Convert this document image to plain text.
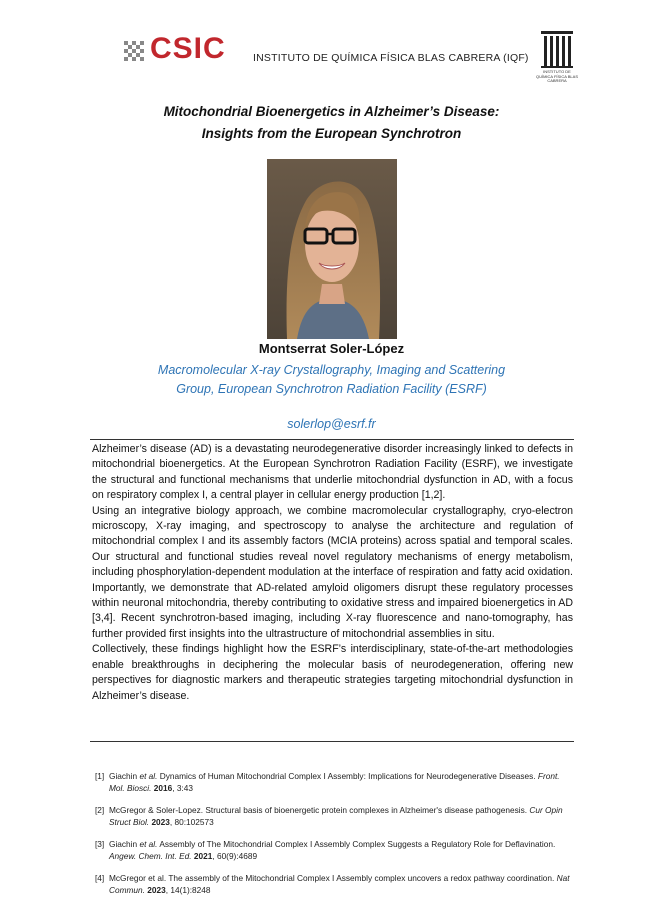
CSIC	INSTITUTO DE QUÍMICA FÍSICA BLAS CABRERA (IQF)
INSTITUTO DE QUÍMICA FÍSICA BLAS CABRERA
Mitochondrial Bioenergetics in Alzheimer’s Disease:
Insights from the European Synchrotron
Montserrat Soler-López
Macromolecular X-ray Crystallography, Imaging and Scattering
Group, European Synchrotron Radiation Facility (ESRF)
solerlop@esrf.fr

Alzheimer’s disease (AD) is a devastating neurodegenerative disorder increasingly linked to defects in mitochondrial bioenergetics. At the European Synchrotron Radiation Facility (ESRF), we investigate the structural and functional mechanisms that underlie mitochondrial dysfunction in AD, with a focus on respiratory complex I, a central player in cellular energy production [1,2].

Using an integrative biology approach, we combine macromolecular crystallography, cryo-electron microscopy, X-ray imaging, and spectroscopy to analyse the architecture and regulation of mitochondrial complex I and its assembly factors (MCIA proteins) across spatial and temporal scales. Our structural and functional studies reveal novel regulatory mechanisms of energy metabolism, including phosphorylation-dependent modulation at the interface of respiration and fatty acid oxidation. Importantly, we demonstrate that AD-related amyloid oligomers disrupt these regulatory processes within neuronal mitochondria, thereby contributing to oxidative stress and impaired bioenergetics in AD [3,4]. Recent synchrotron-based imaging, including X-ray fluorescence and nano-tomography, has further provided first insights into the ultrastructure of mitochondrial assemblies in situ.

Collectively, these findings highlight how the ESRF’s interdisciplinary, state-of-the-art methodologies enable breakthroughs in deciphering the molecular basis of neurodegeneration, offering new perspectives for diagnostic markers and therapeutic strategies targeting mitochondrial dysfunction in Alzheimer’s disease.

[1] Giachin et al. Dynamics of Human Mitochondrial Complex I Assembly: Implications for Neurodegenerative Diseases. Front. Mol. Biosci. 2016, 3:43
[2] McGregor & Soler-Lopez. Structural basis of bioenergetic protein complexes in Alzheimer's disease pathogenesis. Cur Opin Struct Biol. 2023, 80:102573
[3] Giachin et al. Assembly of The Mitochondrial Complex I Assembly Complex Suggests a Regulatory Role for Deflavination. Angew. Chem. Int. Ed. 2021, 60(9):4689
[4] McGregor et al. The assembly of the Mitochondrial Complex I Assembly complex uncovers a redox pathway coordination. Nat Commun. 2023, 14(1):8248
